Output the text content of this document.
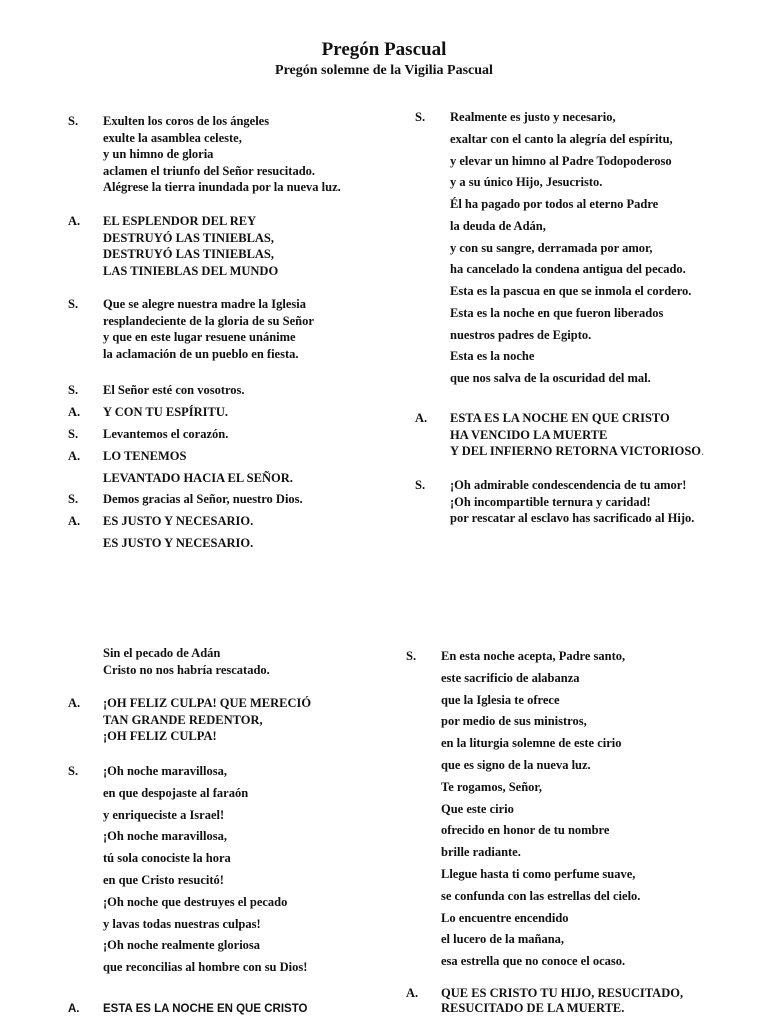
Pregón Pascual
Pregón solemne de la Vigilia Pascual
S. Exulten los coros de los ángeles
exulte la asamblea celeste,
y un himno de gloria
aclamen el triunfo del Señor resucitado.
Alégrese la tierra inundada por la nueva luz.
A. EL ESPLENDOR DEL REY
DESTRUYÓ LAS TINIEBLAS,
DESTRUYÓ LAS TINIEBLAS,
LAS TINIEBLAS DEL MUNDO
S. Que se alegre nuestra madre la Iglesia
resplandeciente de la gloria de su Señor
y que en este lugar resuene unánime
la aclamación de un pueblo en fiesta.
S. El Señor esté con vosotros.
A. Y CON TU ESPÍRITU.
S. Levantemos el corazón.
A. LO TENEMOS
LEVANTADO HACIA EL SEÑOR.
S. Demos gracias al Señor, nuestro Dios.
A. ES JUSTO Y NECESARIO.
ES JUSTO Y NECESARIO.
S. Realmente es justo y necesario,
exaltar con el canto la alegría del espíritu,
y elevar un himno al Padre Todopoderoso
y a su único Hijo, Jesucristo.
Él ha pagado por todos al eterno Padre
la deuda de Adán,
y con su sangre, derramada por amor,
ha cancelado la condena antigua del pecado.
Esta es la pascua en que se inmola el cordero.
Esta es la noche en que fueron liberados
nuestros padres de Egipto.
Esta es la noche
que nos salva de la oscuridad del mal.
A. ESTA ES LA NOCHE EN QUE CRISTO
HA VENCIDO LA MUERTE
Y DEL INFIERNO RETORNA VICTORIOSO.
S. ¡Oh admirable condescendencia de tu amor!
¡Oh incompartible ternura y caridad!
por rescatar al esclavo has sacrificado al Hijo.
Sin el pecado de Adán
Cristo no nos habría rescatado.
A. ¡OH FELIZ CULPA! QUE MERECIÓ
TAN GRANDE REDENTOR,
¡OH FELIZ CULPA!
S. ¡Oh noche maravillosa,
en que despojaste al faraón
y enriqueciste a Israel!
¡Oh noche maravillosa,
tú sola conociste la hora
en que Cristo resucitó!
¡Oh noche que destruyes el pecado
y lavas todas nuestras culpas!
¡Oh noche realmente gloriosa
que reconcilias al hombre con su Dios!
A. ESTA ES LA NOCHE EN QUE CRISTO
S. En esta noche acepta, Padre santo,
este sacrificio de alabanza
que la Iglesia te ofrece
por medio de sus ministros,
en la liturgia solemne de este cirio
que es signo de la nueva luz.
Te rogamos, Señor,
Que este cirio
ofrecido en honor de tu nombre
brille radiante.
Llegue hasta ti como perfume suave,
se confunda con las estrellas del cielo.
Lo encuentre encendido
el lucero de la mañana,
esa estrella que no conoce el ocaso.
A. QUE ES CRISTO TU HIJO, RESUCITADO,
RESUCITADO DE LA MUERTE.
